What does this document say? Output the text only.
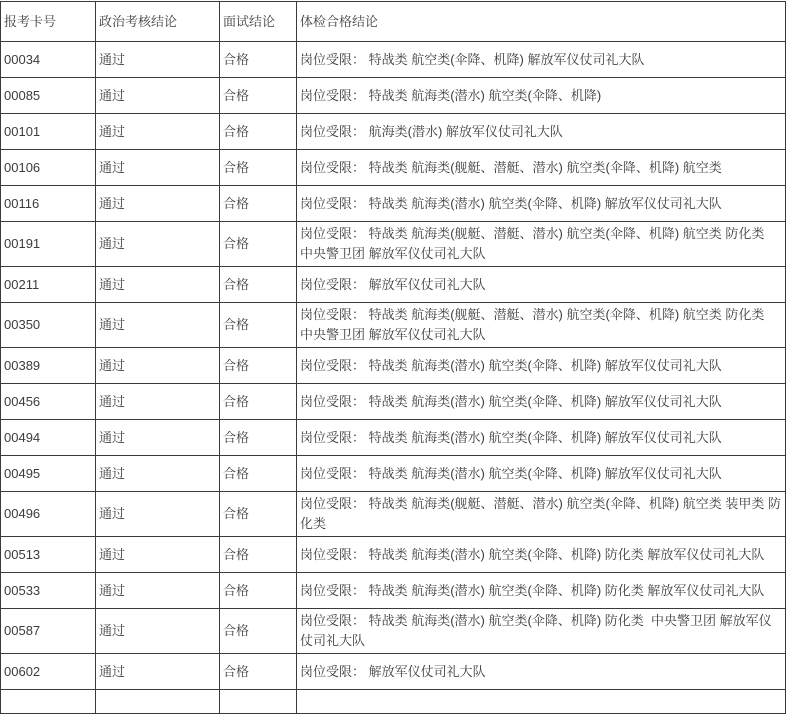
报考卡号	政治考核结论	面试结论	体检合格结论
00034	通过	合格	岗位受限： 特战类 航空类(伞降、机降) 解放军仪仗司礼大队
00085	通过	合格	岗位受限： 特战类 航海类(潜水) 航空类(伞降、机降)
00101	通过	合格	岗位受限： 航海类(潜水) 解放军仪仗司礼大队
00106	通过	合格	岗位受限： 特战类 航海类(舰艇、潜艇、潜水) 航空类(伞降、机降) 航空类
00116	通过	合格	岗位受限： 特战类 航海类(潜水) 航空类(伞降、机降) 解放军仪仗司礼大队
00191	通过	合格	岗位受限： 特战类 航海类(舰艇、潜艇、潜水) 航空类(伞降、机降) 航空类 防化类  中央警卫团 解放军仪仗司礼大队
00211	通过	合格	岗位受限： 解放军仪仗司礼大队
00350	通过	合格	岗位受限： 特战类 航海类(舰艇、潜艇、潜水) 航空类(伞降、机降) 航空类 防化类  中央警卫团 解放军仪仗司礼大队
00389	通过	合格	岗位受限： 特战类 航海类(潜水) 航空类(伞降、机降) 解放军仪仗司礼大队
00456	通过	合格	岗位受限： 特战类 航海类(潜水) 航空类(伞降、机降) 解放军仪仗司礼大队
00494	通过	合格	岗位受限： 特战类 航海类(潜水) 航空类(伞降、机降) 解放军仪仗司礼大队
00495	通过	合格	岗位受限： 特战类 航海类(潜水) 航空类(伞降、机降) 解放军仪仗司礼大队
00496	通过	合格	岗位受限： 特战类 航海类(舰艇、潜艇、潜水) 航空类(伞降、机降) 航空类 装甲类 防化类
00513	通过	合格	岗位受限： 特战类 航海类(潜水) 航空类(伞降、机降) 防化类 解放军仪仗司礼大队
00533	通过	合格	岗位受限： 特战类 航海类(潜水) 航空类(伞降、机降) 防化类 解放军仪仗司礼大队
00587	通过	合格	岗位受限： 特战类 航海类(潜水) 航空类(伞降、机降) 防化类  中央警卫团 解放军仪仗司礼大队
00602	通过	合格	岗位受限： 解放军仪仗司礼大队
